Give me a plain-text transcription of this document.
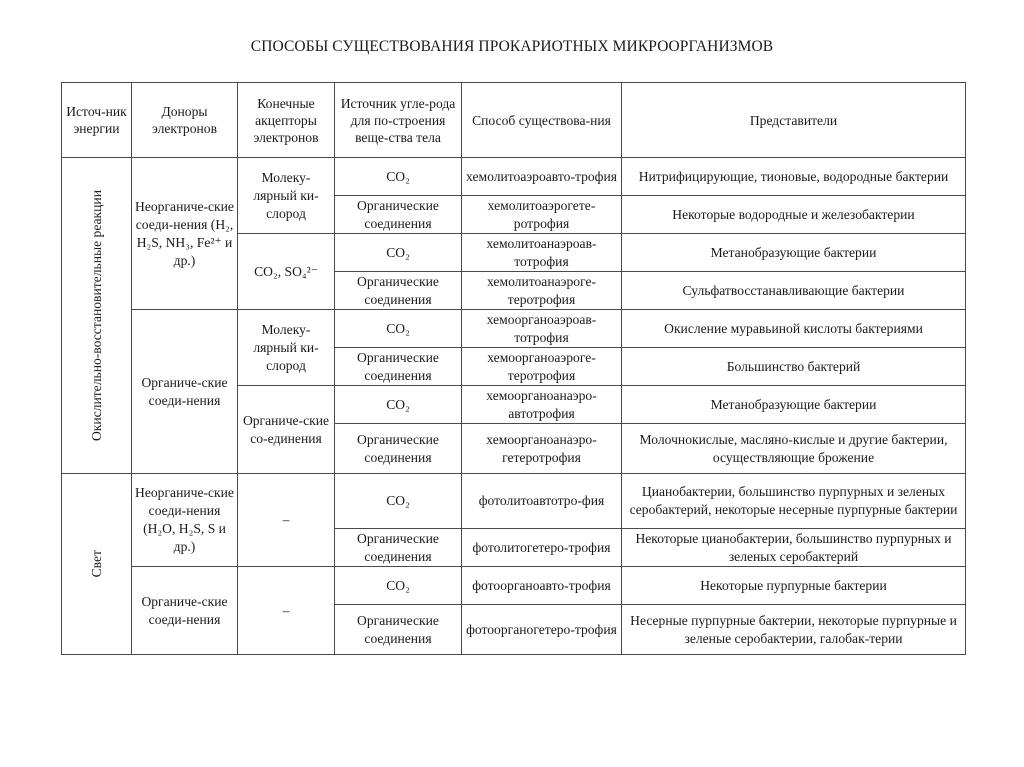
СПОСОБЫ СУЩЕСТВОВАНИЯ ПРОКАРИОТНЫХ МИКРООРГАНИЗМОВ
Источ-ник энергии	Доноры электронов	Конечные акцепторы электронов	Источник угле-рода для по-строения веще-ства тела	Способ существова-ния	Представители

Окислительно-восстановительные реакции	Неорганиче-ские соеди-нения (H₂, H₂S, NH₃, Fe²⁺ и др.)	Молеку-лярный ки-слород	CO₂	хемолитоаэроавто-трофия	Нитрифицирующие, тионовые, водородные бактерии
			Органические соединения	хемолитоаэрогете-ротрофия	Некоторые водородные и железобактерии
		CO₂, SO₄²⁻	CO₂	хемолитоанаэроав-тотрофия	Метанобразующие бактерии
			Органические соединения	хемолитоанаэроге-теротрофия	Сульфатвосстанавливающие бактерии
	Органиче-ские соеди-нения	Молеку-лярный ки-слород	CO₂	хемоорганоаэроав-тотрофия	Окисление муравьиной кислоты бактериями
			Органические соединения	хемоорганоаэроге-теротрофия	Большинство бактерий
		Органиче-ские со-единения	CO₂	хемоорганоанаэро-автотрофия	Метанобразующие бактерии
			Органические соединения	хемоорганоанаэро-гетеротрофия	Молочнокислые, масляно-кислые и другие бактерии, осуществляющие брожение

Свет	Неорганиче-ские соеди-нения (H₂O, H₂S, S и др.)	–	CO₂	фотолитоавтотро-фия	Цианобактерии, большинство пурпурных и зеленых серобактерий, некоторые несерные пурпурные бактерии
			Органические соединения	фотолитогетеро-трофия	Некоторые цианобактерии, большинство пурпурных и зеленых серобактерий
	Органиче-ские соеди-нения	–	CO₂	фотоорганоавто-трофия	Некоторые пурпурные бактерии
			Органические соединения	фотоорганогетеро-трофия	Несерные пурпурные бактерии, некоторые пурпурные и зеленые серобактерии, галобак-терии
